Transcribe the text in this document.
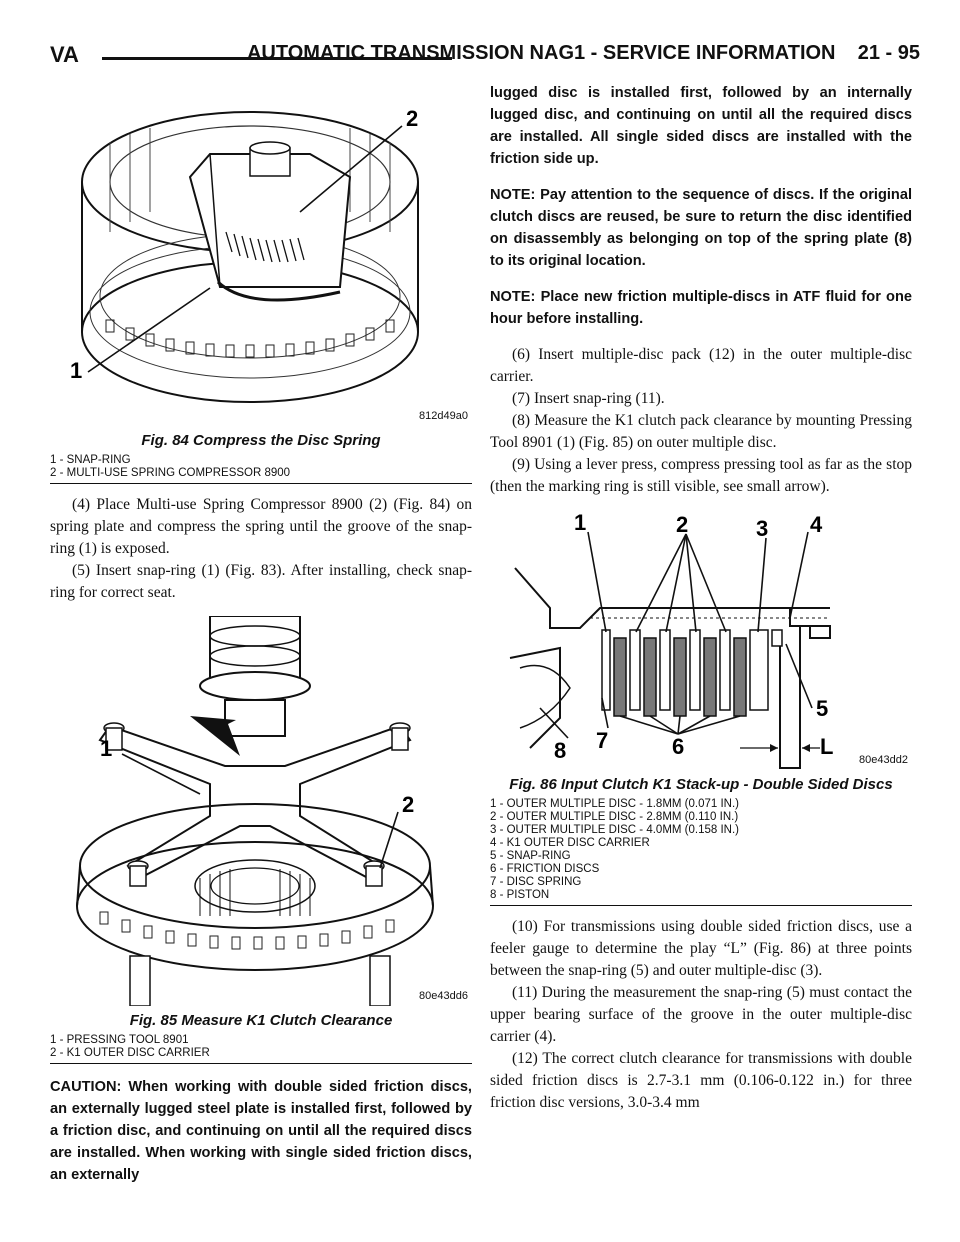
VA	AUTOMATIC TRANSMISSION NAG1 - SERVICE INFORMATION    21 - 95
1
2
812d49a0
Fig. 84 Compress the Disc Spring
1 - SNAP-RING
2 - MULTI-USE SPRING COMPRESSOR 8900

(4) Place Multi-use Spring Compressor 8900 (2) (Fig. 84) on spring plate and compress the spring until the groove of the snap-ring (1) is exposed.

(5) Insert snap-ring (1) (Fig. 83). After installing, check snap-ring for correct seat.

1
2
80e43dd6
Fig. 85 Measure K1 Clutch Clearance
1 - PRESSING TOOL 8901
2 - K1 OUTER DISC CARRIER

CAUTION: When working with double sided friction discs, an externally lugged steel plate is installed first, followed by a friction disc, and continuing on until all the required discs are installed. When working with single sided friction discs, an externally

lugged disc is installed first, followed by an internally lugged disc, and continuing on until all the required discs are installed. All single sided discs are installed with the friction side up.

NOTE: Pay attention to the sequence of discs. If the original clutch discs are reused, be sure to return the disc identified on disassembly as belonging on top of the spring plate (8) to its original location.

NOTE: Place new friction multiple-discs in ATF fluid for one hour before installing.

(6) Insert multiple-disc pack (12) in the outer multiple-disc carrier.

(7) Insert snap-ring (11).

(8) Measure the K1 clutch pack clearance by mounting Pressing Tool 8901 (1) (Fig. 85) on outer multiple disc.

(9) Using a lever press, compress pressing tool as far as the stop (then the marking ring is still visible, see small arrow).

1	2	3 4
5
6
7
8	L
80e43dd2
Fig. 86 Input Clutch K1 Stack-up - Double Sided Discs
1 - OUTER MULTIPLE DISC - 1.8MM (0.071 IN.)
2 - OUTER MULTIPLE DISC - 2.8MM (0.110 IN.)
3 - OUTER MULTIPLE DISC - 4.0MM (0.158 IN.)
4 - K1 OUTER DISC CARRIER
5 - SNAP-RING
6 - FRICTION DISCS
7 - DISC SPRING
8 - PISTON

(10) For transmissions using double sided friction discs, use a feeler gauge to determine the play “L” (Fig. 86) at three points between the snap-ring (5) and outer multiple-disc (3).

(11) During the measurement the snap-ring (5) must contact the upper bearing surface of the groove in the outer multiple-disc carrier (4).

(12) The correct clutch clearance for transmissions with double sided friction discs is 2.7-3.1 mm (0.106-0.122 in.) for three friction disc versions, 3.0-3.4 mm
